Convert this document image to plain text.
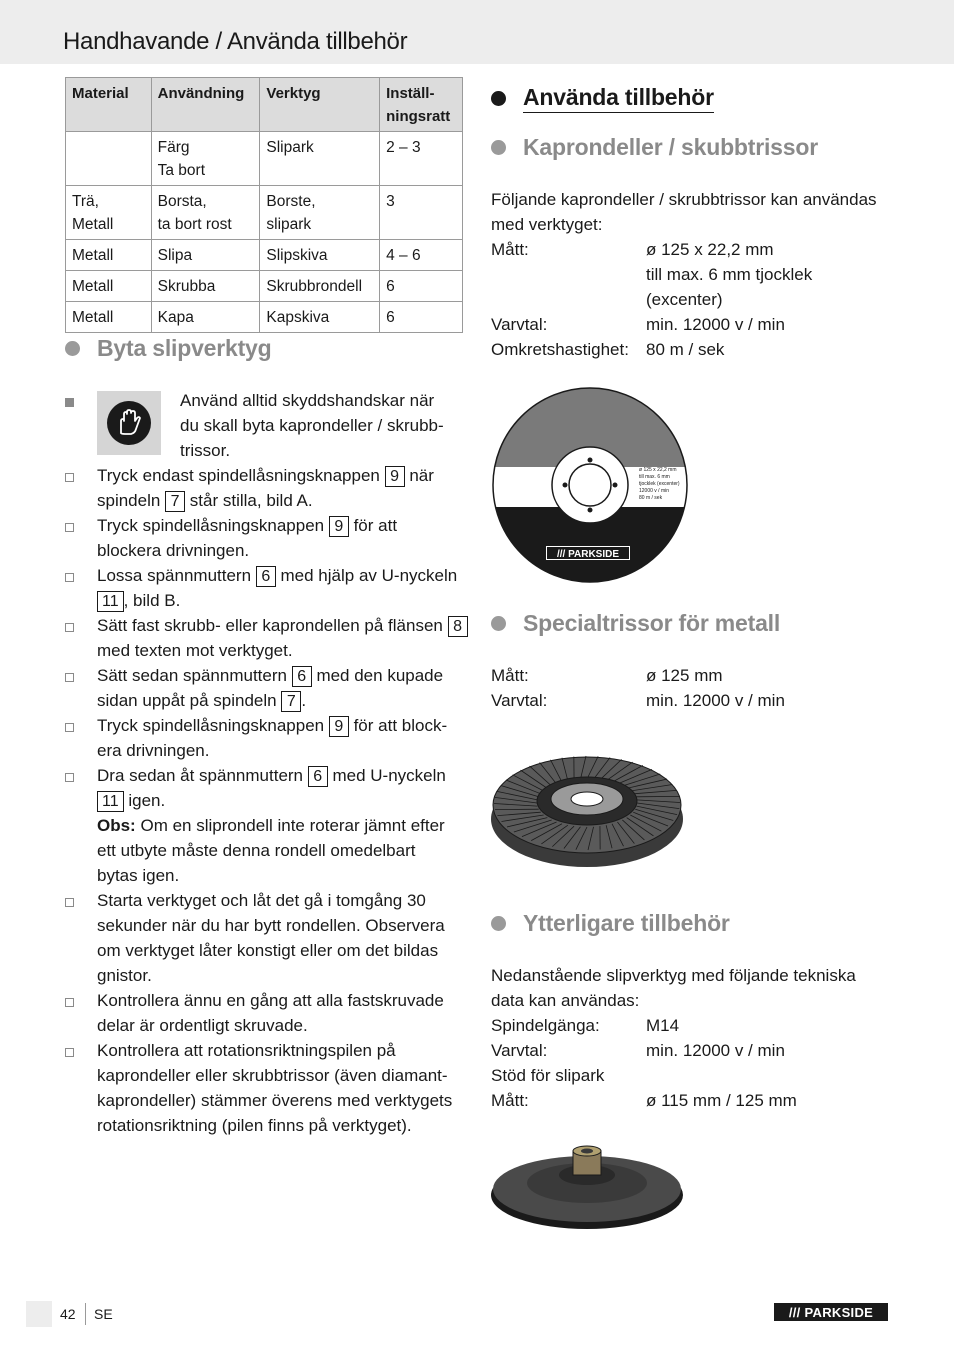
Handhavande / Använda tillbehör
Material	Användning	Verktyg	Inställ-
ningsratt

	Färg
Ta bort	Slipark	2 – 3

Trä,
Metall	Borsta,
ta bort rost	Borste,
slipark	3

Metall	Slipa	Slipskiva	4 – 6
Metall	Skrubba	Skrubbrondell	6
Metall	Kapa	Kapskiva	6
Byta slipverktyg
Använd alltid skyddshandskar när
du skall byta kaprondeller / skrubb-
trissor.
Tryck endast spindellåsningsknappen 9 när
spindeln 7 står stilla, bild A.
Tryck spindellåsningsknappen 9 för att
blockera drivningen.
Lossa spännmuttern 6 med hjälp av U-nyckeln
11 , bild B.
Sätt fast skrubb- eller kaprondellen på flänsen 8
med texten mot verktyget.
Sätt sedan spännmuttern 6 med den kupade
sidan uppåt på spindeln 7 .
Tryck spindellåsningsknappen 9 för att block-
era drivningen.
Dra sedan åt spännmuttern 6 med U-nyckeln
11 igen.
Obs: Om en sliprondell inte roterar jämnt efter
ett utbyte måste denna rondell omedelbart
bytas igen.
Starta verktyget och låt det gå i tomgång 30
sekunder när du har bytt rondellen. Observera
om verktyget låter konstigt eller om det bildas
gnistor.
Kontrollera ännu en gång att alla fastskruvade
delar är ordentligt skruvade.
Kontrollera att rotationsriktningspilen på
kaprondeller eller skrubbtrissor (även diamant-
kaprondeller) stämmer överens med verktygets
rotationsriktning (pilen finns på verktyget).
Använda tillbehör
Kaprondeller / skubbtrissor
Följande kaprondeller / skrubbtrissor kan användas
med verktyget:
Mått:	ø 125 x 22,2 mm
till max. 6 mm tjocklek
(excenter)
Varvtal:	min. 12000 v / min
Omkretshastighet: 80 m / sek
ø 125 x 22,2 mm
till max. 6 mm
tjocklek (excenter)
12000 v / min
80 m / sek
/// PARKSIDE
Specialtrissor för metall
Mått:	ø 125 mm
Varvtal:	min. 12000 v / min
Ytterligare tillbehör
Nedanstående slipverktyg med följande tekniska
data kan användas:
Spindelgänga:	M14
Varvtal:	min. 12000 v / min
Stöd för slipark
Mått:	ø 115 mm / 125 mm
42 SE	/// PARKSIDE
